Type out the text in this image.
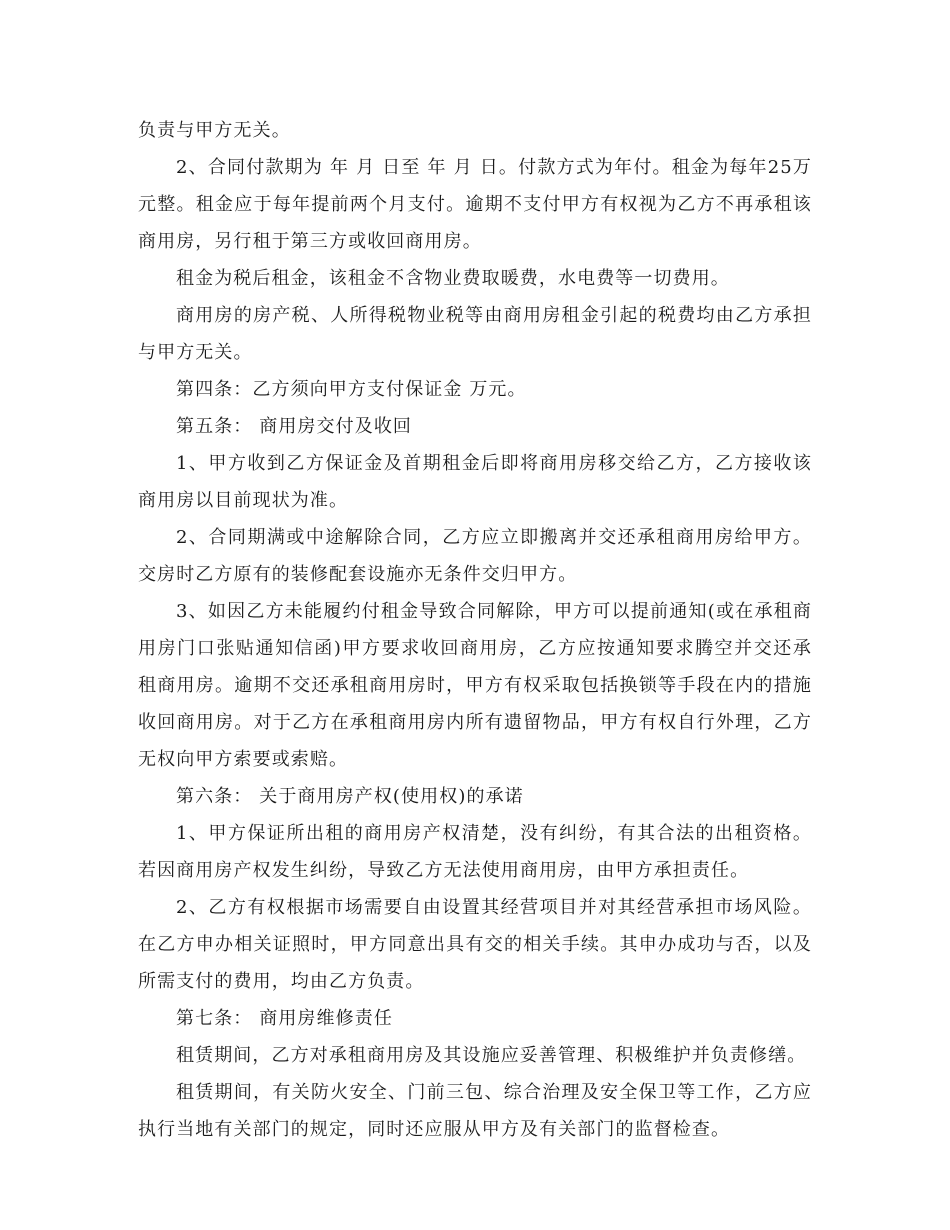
负责与甲方无关。

2、合同付款期为 年 月 日至 年 月 日。付款方式为年付。租金为每年25万元整。租金应于每年提前两个月支付。逾期不支付甲方有权视为乙方不再承租该商用房，另行租于第三方或收回商用房。

租金为税后租金，该租金不含物业费取暖费，水电费等一切费用。

商用房的房产税、人所得税物业税等由商用房租金引起的税费均由乙方承担与甲方无关。

第四条：乙方须向甲方支付保证金 万元。

第五条： 商用房交付及收回

1、甲方收到乙方保证金及首期租金后即将商用房移交给乙方，乙方接收该商用房以目前现状为准。

2、合同期满或中途解除合同，乙方应立即搬离并交还承租商用房给甲方。交房时乙方原有的装修配套设施亦无条件交归甲方。

3、如因乙方未能履约付租金导致合同解除，甲方可以提前通知(或在承租商用房门口张贴通知信函)甲方要求收回商用房，乙方应按通知要求腾空并交还承租商用房。逾期不交还承租商用房时，甲方有权采取包括换锁等手段在内的措施收回商用房。对于乙方在承租商用房内所有遗留物品，甲方有权自行外理，乙方无权向甲方索要或索赔。

第六条： 关于商用房产权(使用权)的承诺

1、甲方保证所出租的商用房产权清楚，没有纠纷，有其合法的出租资格。若因商用房产权发生纠纷，导致乙方无法使用商用房，由甲方承担责任。

2、乙方有权根据市场需要自由设置其经营项目并对其经营承担市场风险。在乙方申办相关证照时，甲方同意出具有交的相关手续。其申办成功与否，以及所需支付的费用，均由乙方负责。

第七条： 商用房维修责任

租赁期间，乙方对承租商用房及其设施应妥善管理、积极维护并负责修缮。

租赁期间，有关防火安全、门前三包、综合治理及安全保卫等工作，乙方应执行当地有关部门的规定，同时还应服从甲方及有关部门的监督检查。
